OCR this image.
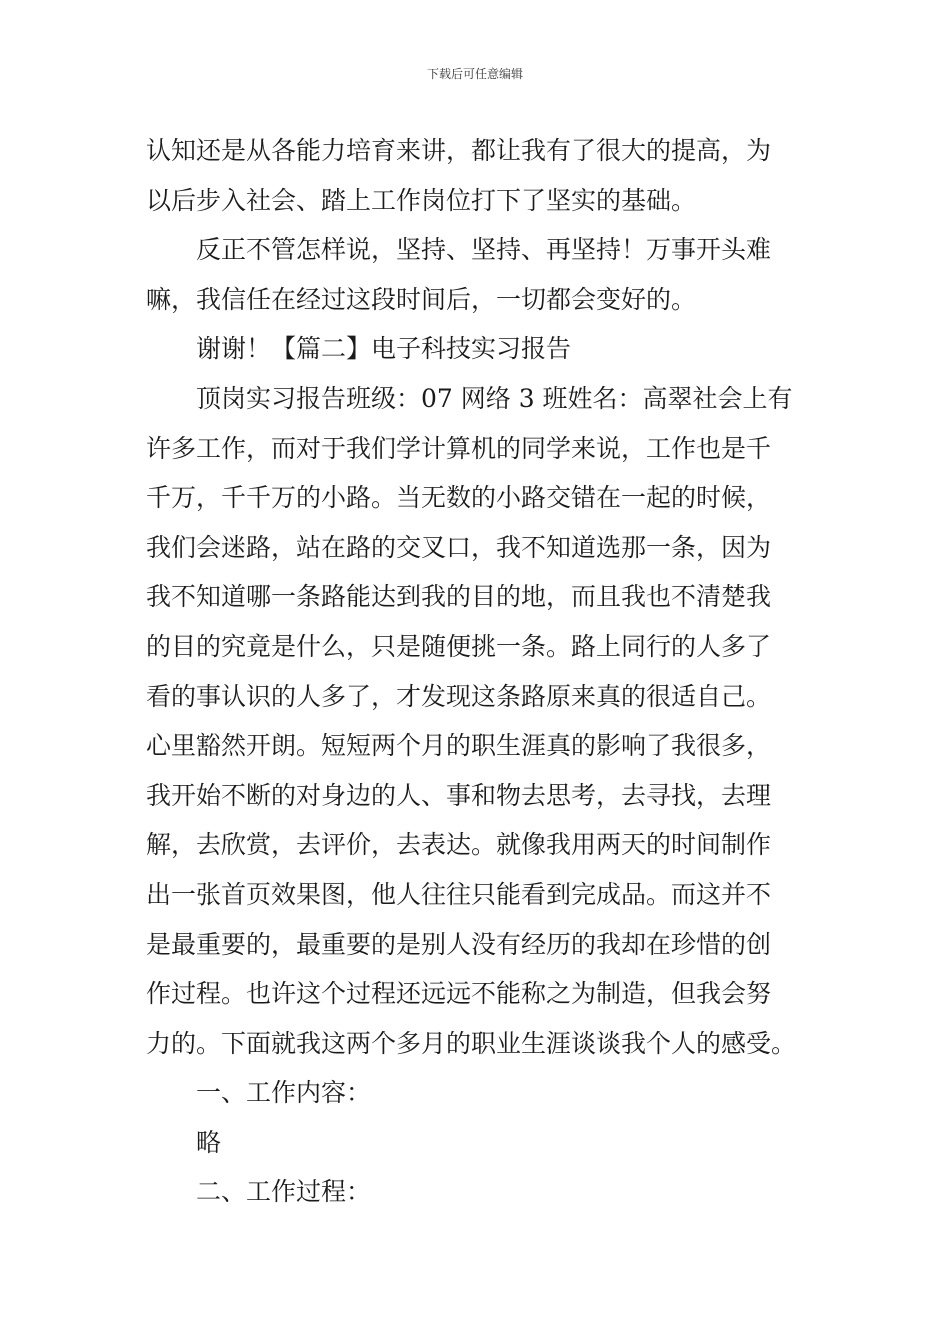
下载后可任意编辑
认知还是从各能力培育来讲，都让我有了很大的提高，为
以后步入社会、踏上工作岗位打下了坚实的基础。
反正不管怎样说，坚持、坚持、再坚持！万事开头难
嘛，我信任在经过这段时间后，一切都会变好的。
谢谢！【篇二】电子科技实习报告
顶岗实习报告班级：07 网络 3 班姓名：高翠社会上有
许多工作，而对于我们学计算机的同学来说，工作也是千
千万，千千万的小路。当无数的小路交错在一起的时候，
我们会迷路，站在路的交叉口，我不知道选那一条，因为
我不知道哪一条路能达到我的目的地，而且我也不清楚我
的目的究竟是什么，只是随便挑一条。路上同行的人多了
看的事认识的人多了，才发现这条路原来真的很适自己。
心里豁然开朗。短短两个月的职生涯真的影响了我很多，
我开始不断的对身边的人、事和物去思考，去寻找，去理
解，去欣赏，去评价，去表达。就像我用两天的时间制作
出一张首页效果图，他人往往只能看到完成品。而这并不
是最重要的，最重要的是别人没有经历的我却在珍惜的创
作过程。也许这个过程还远远不能称之为制造，但我会努
力的。下面就我这两个多月的职业生涯谈谈我个人的感受。
一、工作内容：
略
二、工作过程：
